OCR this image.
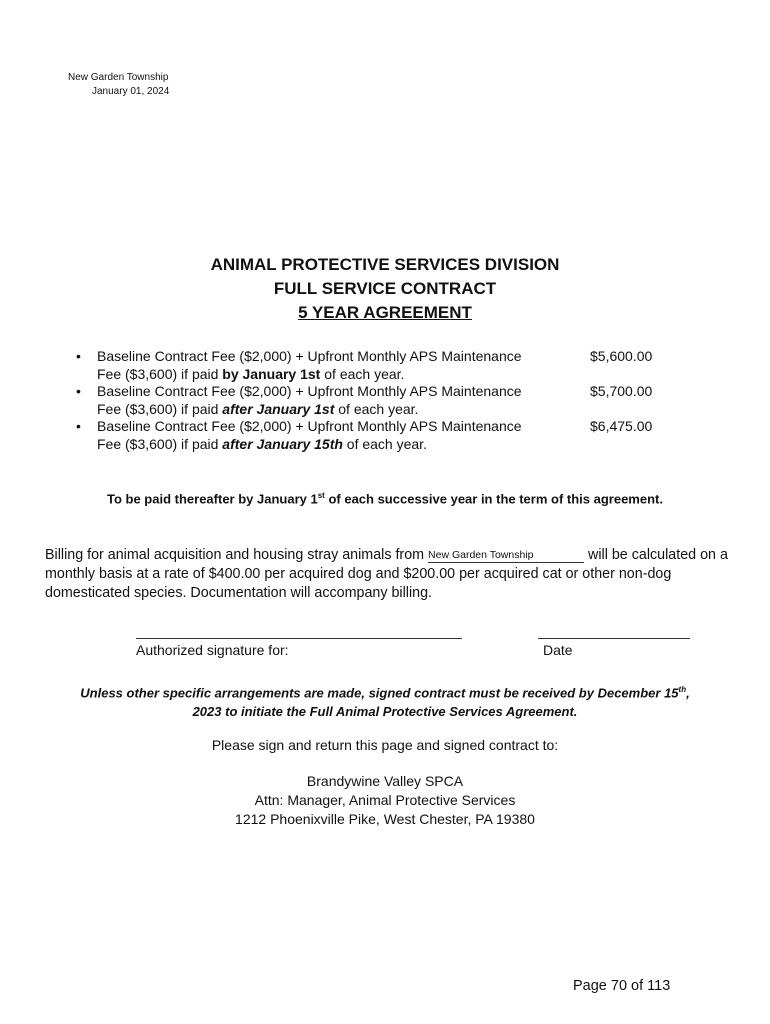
New Garden Township
January 01, 2024
ANIMAL PROTECTIVE SERVICES DIVISION
FULL SERVICE CONTRACT
5 YEAR AGREEMENT
• Baseline Contract Fee ($2,000) + Upfront Monthly APS Maintenance
Fee ($3,600) if paid by January 1st of each year.
$5,600.00
• Baseline Contract Fee ($2,000) + Upfront Monthly APS Maintenance
Fee ($3,600) if paid after January 1st of each year.
$5,700.00
• Baseline Contract Fee ($2,000) + Upfront Monthly APS Maintenance
Fee ($3,600) if paid after January 15th of each year.
$6,475.00
To be paid thereafter by January 1st of each successive year in the term of this agreement.
Billing for animal acquisition and housing stray animals from New Garden Township	will be calculated on a monthly basis at a rate of $400.00 per acquired dog and $200.00 per acquired cat or other non-dog domesticated species. Documentation will accompany billing.
Authorized signature for:	Date
Unless other specific arrangements are made, signed contract must be received by December 15th,
2023 to initiate the Full Animal Protective Services Agreement.
Please sign and return this page and signed contract to:
Brandywine Valley SPCA
Attn: Manager, Animal Protective Services
1212 Phoenixville Pike, West Chester, PA 19380
Page 70 of 113
